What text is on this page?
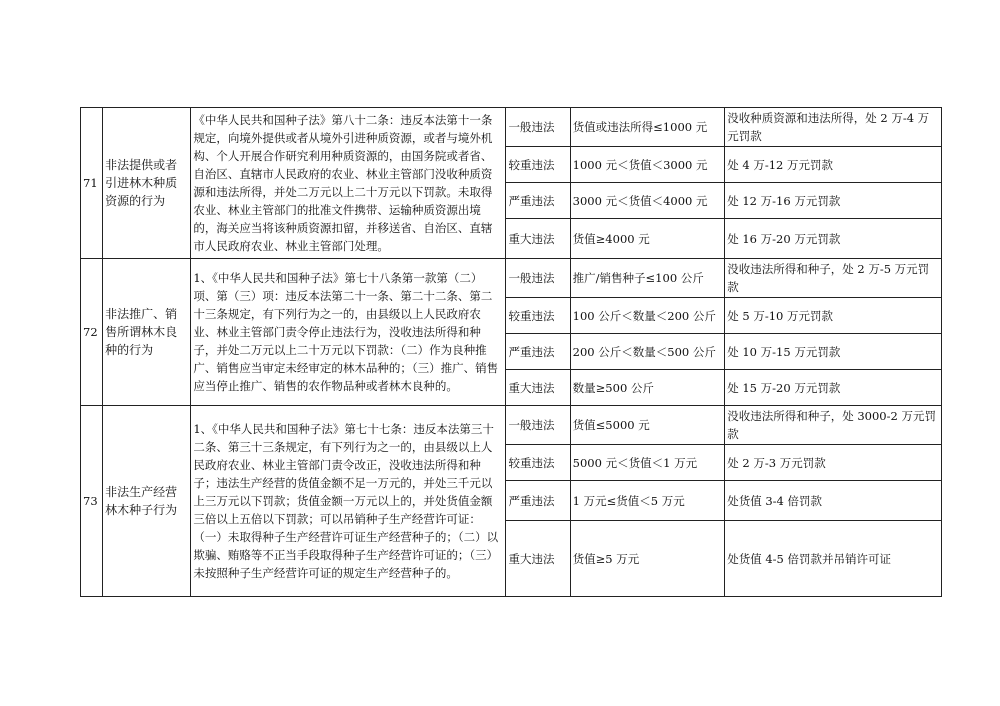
71	非法提供或者引进林木种质资源的行为	《中华人民共和国种子法》第八十二条：违反本法第十一条规定，向境外提供或者从境外引进种质资源，或者与境外机构、个人开展合作研究利用种质资源的，由国务院或者省、自治区、直辖市人民政府的农业、林业主管部门没收种质资源和违法所得，并处二万元以上二十万元以下罚款。未取得农业、林业主管部门的批准文件携带、运输种质资源出境的，海关应当将该种质资源扣留，并移送省、自治区、直辖市人民政府农业、林业主管部门处理。	一般违法	货值或违法所得≤1000 元	没收种质资源和违法所得，处 2 万-4 万元罚款
			较重违法	1000 元＜货值＜3000 元	处 4 万-12 万元罚款
			严重违法	3000 元＜货值＜4000 元	处 12 万-16 万元罚款
			重大违法	货值≥4000 元	处 16 万-20 万元罚款
72	非法推广、销售所谓林木良种的行为	1、《中华人民共和国种子法》第七十八条第一款第（二）项、第（三）项：违反本法第二十一条、第二十二条、第二十三条规定，有下列行为之一的，由县级以上人民政府农业、林业主管部门责令停止违法行为，没收违法所得和种子，并处二万元以上二十万元以下罚款：（二）作为良种推广、销售应当审定未经审定的林木品种的；（三）推广、销售应当停止推广、销售的农作物品种或者林木良种的。	一般违法	推广/销售种子≤100 公斤	没收违法所得和种子，处 2 万-5 万元罚款
			较重违法	100 公斤＜数量＜200 公斤	处 5 万-10 万元罚款
			严重违法	200 公斤＜数量＜500 公斤	处 10 万-15 万元罚款
			重大违法	数量≥500 公斤	处 15 万-20 万元罚款
73	非法生产经营林木种子行为	1、《中华人民共和国种子法》第七十七条：违反本法第三十二条、第三十三条规定，有下列行为之一的，由县级以上人民政府农业、林业主管部门责令改正，没收违法所得和种子；违法生产经营的货值金额不足一万元的，并处三千元以上三万元以下罚款；货值金额一万元以上的，并处货值金额三倍以上五倍以下罚款；可以吊销种子生产经营许可证：（一）未取得种子生产经营许可证生产经营种子的；（二）以欺骗、贿赂等不正当手段取得种子生产经营许可证的；（三）未按照种子生产经营许可证的规定生产经营种子的。	一般违法	货值≤5000 元	没收违法所得和种子，处 3000-2 万元罚款
			较重违法	5000 元＜货值＜1 万元	处 2 万-3 万元罚款
			严重违法	1 万元≤货值＜5 万元	处货值 3-4 倍罚款
			重大违法	货值≥5 万元	处货值 4-5 倍罚款并吊销许可证
